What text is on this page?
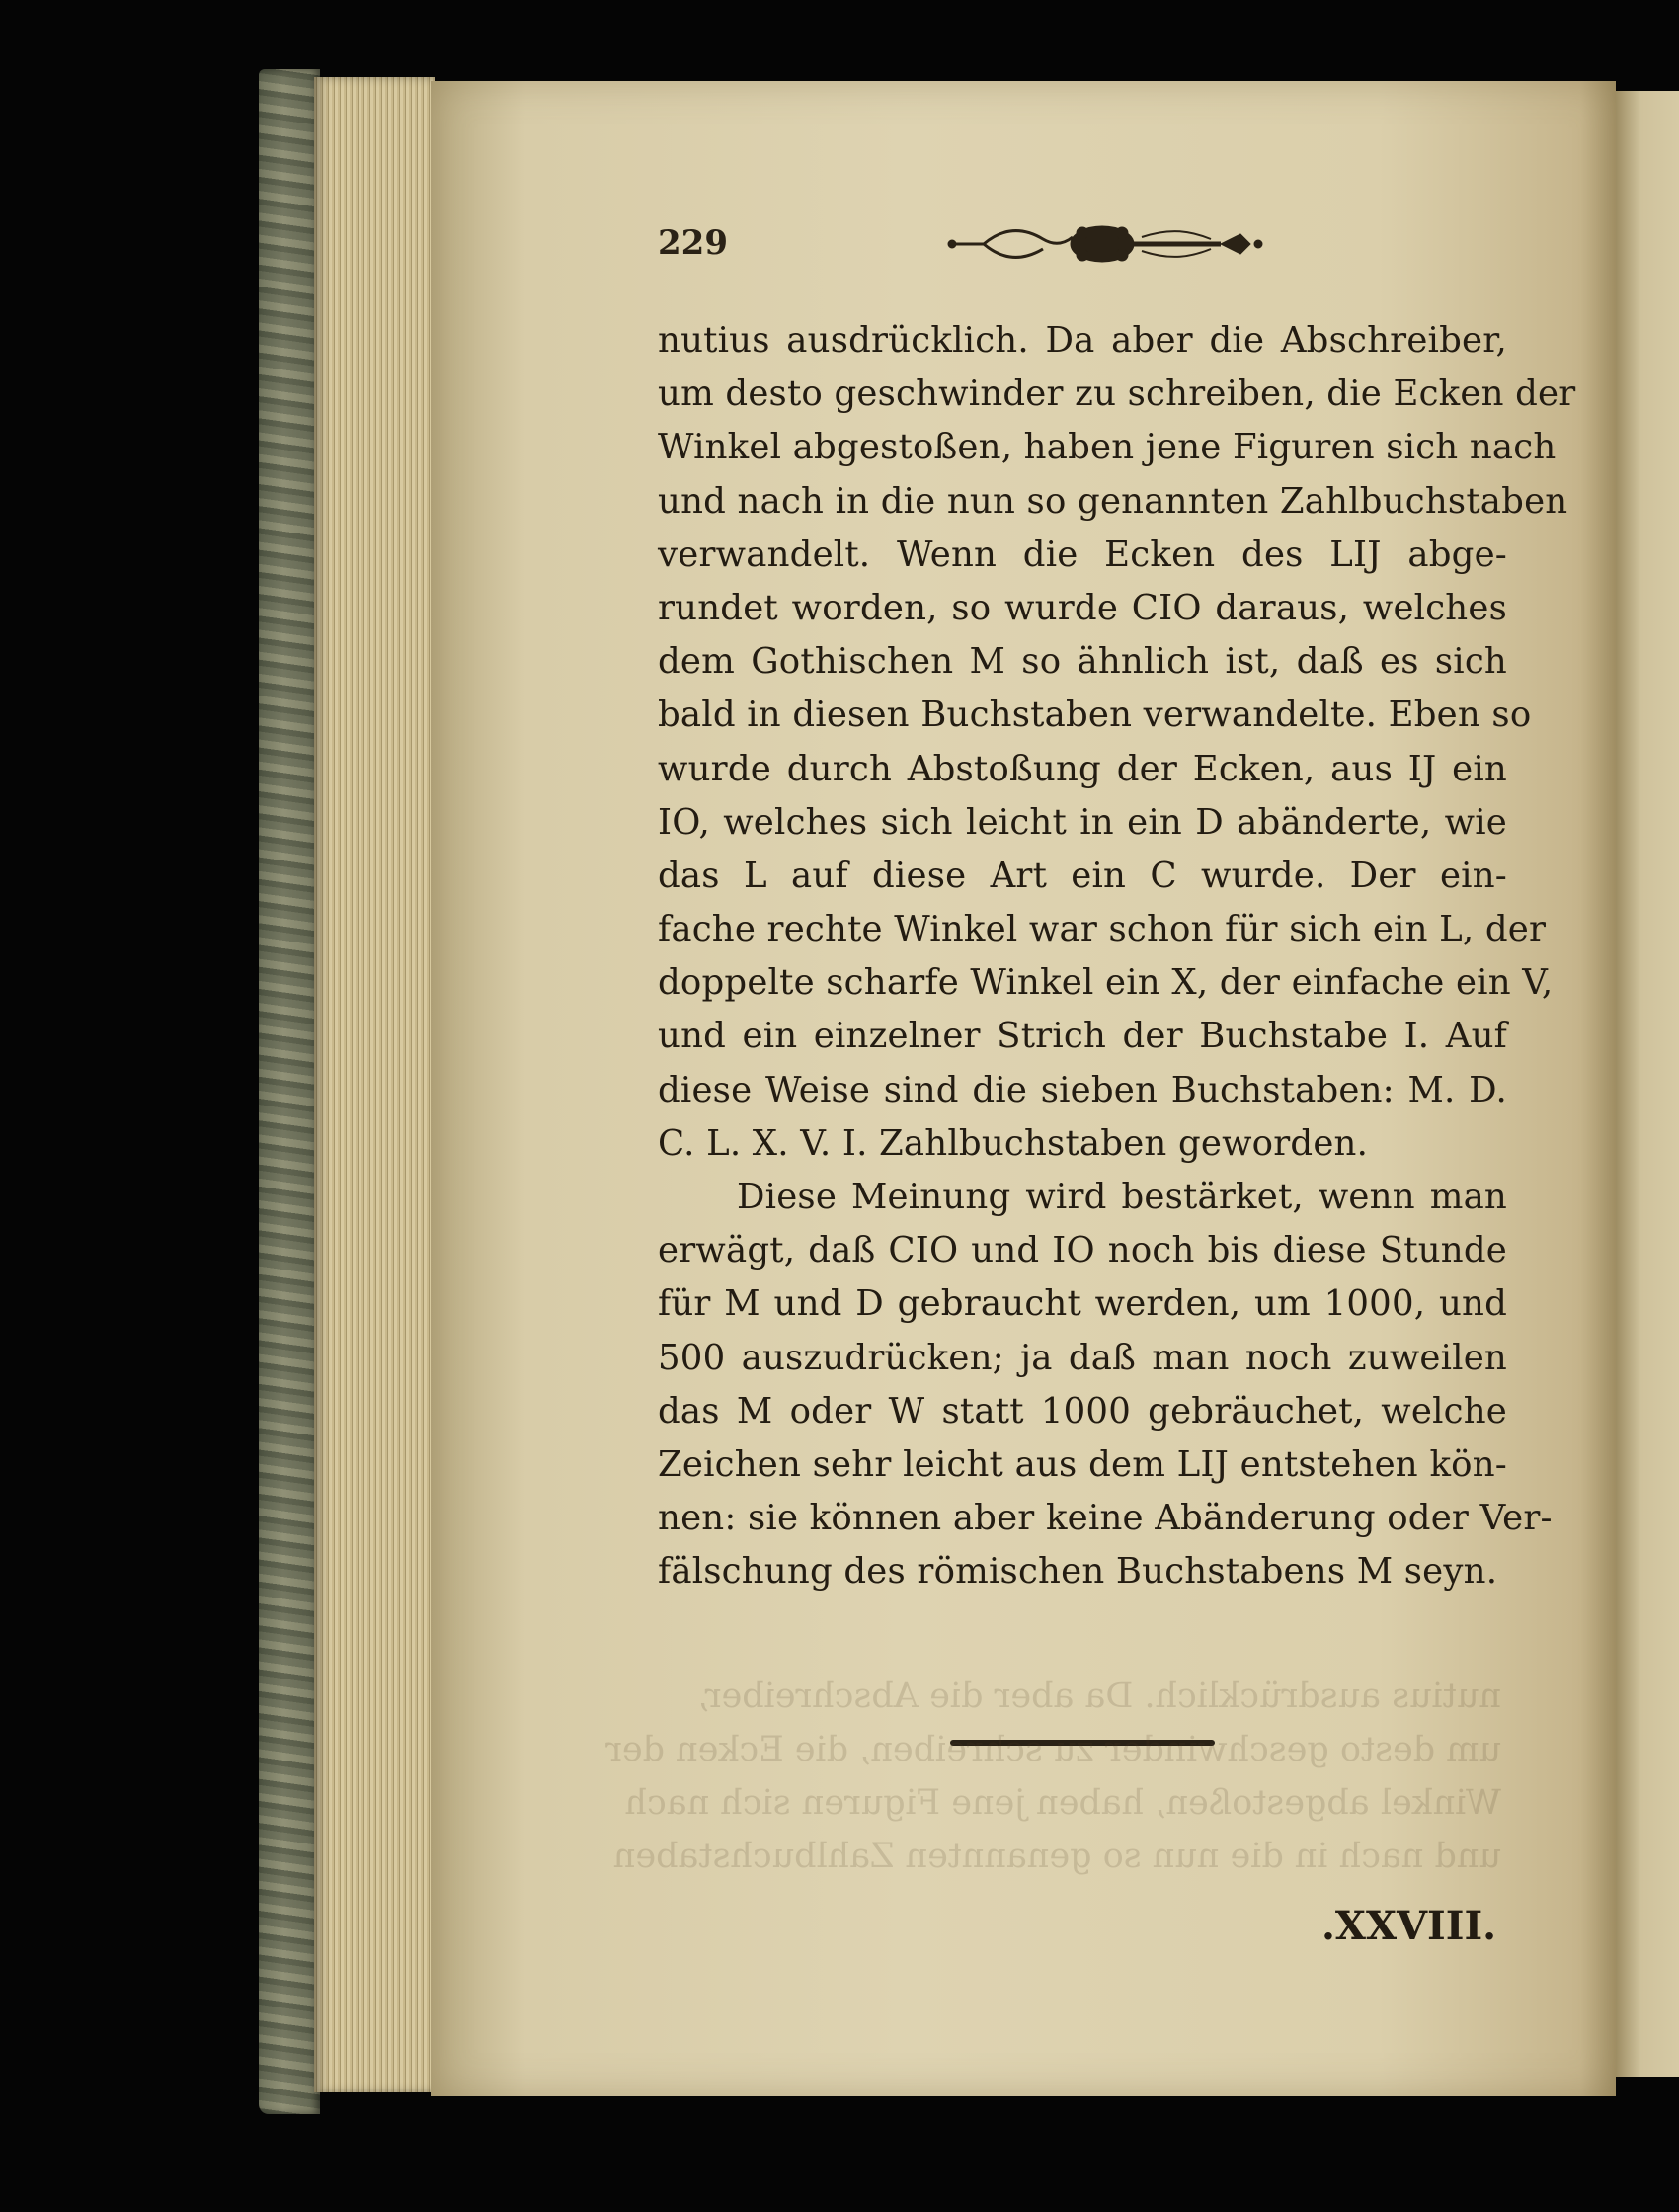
229
nutius ausdrücklich. Da aber die Abschreiber,
um desto geschwinder zu schreiben, die Ecken der
Winkel abgestoßen, haben jene Figuren sich nach
und nach in die nun so genannten Zahlbuchstaben
verwandelt. Wenn die Ecken des LIJ abge-
rundet worden, so wurde CIO daraus, welches
dem Gothischen M so ähnlich ist, daß es sich
bald in diesen Buchstaben verwandelte. Eben so
wurde durch Abstoßung der Ecken, aus IJ ein
IO, welches sich leicht in ein D abänderte, wie
das L auf diese Art ein C wurde. Der ein-
fache rechte Winkel war schon für sich ein L, der
doppelte scharfe Winkel ein X, der einfache ein V,
und ein einzelner Strich der Buchstabe I. Auf
diese Weise sind die sieben Buchstaben: M. D.
C. L. X. V. I. Zahlbuchstaben geworden.
Diese Meinung wird bestärket, wenn man
erwägt, daß CIO und IO noch bis diese Stunde
für M und D gebraucht werden, um 1000, und
500 auszudrücken; ja daß man noch zuweilen
das M oder W statt 1000 gebräuchet, welche
Zeichen sehr leicht aus dem LIJ entstehen kön-
nen: sie können aber keine Abänderung oder Ver-
fälschung des römischen Buchstabens M seyn.
nutius ausdrücklich. Da aber die Abschreiber,
um desto geschwinder zu schreiben, die Ecken der
Winkel abgestoßen, haben jene Figuren sich nach
und nach in die nun so genannten Zahlbuchstaben
.XXVIII.
